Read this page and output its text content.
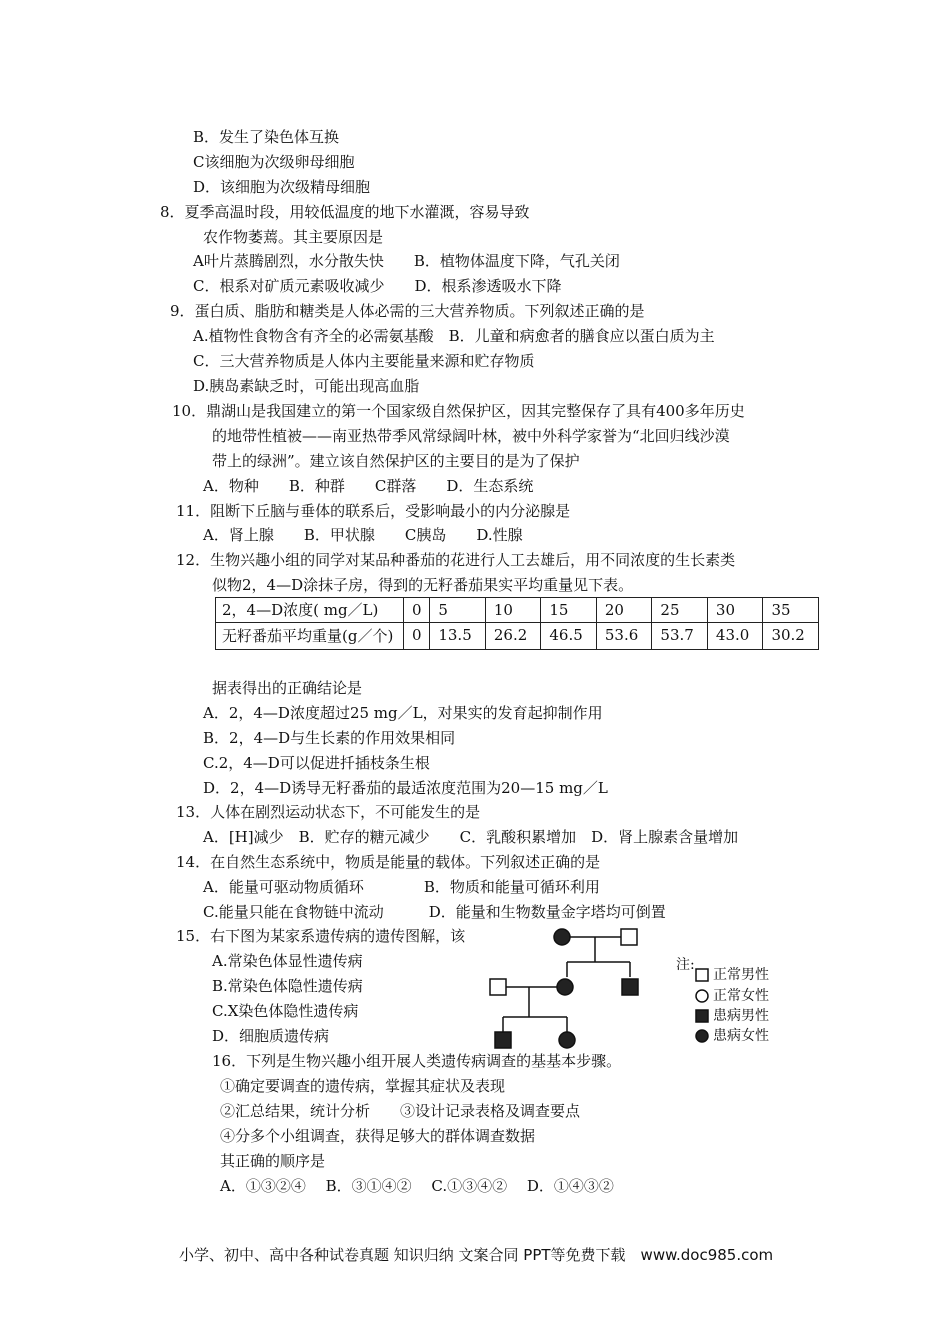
B．发生了染色体互换
C该细胞为次级卵母细胞
D．该细胞为次级精母细胞
8．夏季高温时段，用较低温度的地下水灌溉，容易导致
农作物萎蔫。其主要原因是
A叶片蒸腾剧烈，水分散失快　　B．植物体温度下降，气孔关闭
C．根系对矿质元素吸收减少　　D．根系渗透吸水下降
9．蛋白质、脂肪和糖类是人体必需的三大营养物质。下列叙述正确的是
A.植物性食物含有齐全的必需氨基酸　B．儿童和病愈者的膳食应以蛋白质为主
C．三大营养物质是人体内主要能量来源和贮存物质
D.胰岛素缺乏时，可能出现高血脂
10．鼎湖山是我国建立的第一个国家级自然保护区，因其完整保存了具有400多年历史
的地带性植被——南亚热带季风常绿阔叶林，被中外科学家誉为“北回归线沙漠
带上的绿洲”。建立该自然保护区的主要目的是为了保护
A．物种　　B．种群　　C群落　　D．生态系统
11．阻断下丘脑与垂体的联系后，受影响最小的内分泌腺是
A．肾上腺　　B．甲状腺　　C胰岛　　D.性腺
12．生物兴趣小组的同学对某品种番茄的花进行人工去雄后，用不同浓度的生长素类
似物2，4—D涂抹子房，得到的无籽番茄果实平均重量见下表。
2，4—D浓度( mg／L)	0	5	10	15	20	25	30	35
无籽番茄平均重量(g／个)	0	13.5	26.2	46.5	53.6	53.7	43.0	30.2
据表得出的正确结论是
A．2，4—D浓度超过25 mg／L，对果实的发育起抑制作用
B．2，4—D与生长素的作用效果相同
C.2，4—D可以促进扦插枝条生根
D．2，4—D诱导无籽番茄的最适浓度范围为20—15 mg／L
13．人体在剧烈运动状态下，不可能发生的是
A．[H]减少　B．贮存的糖元减少　　C．乳酸积累增加　D．肾上腺素含量增加
14．在自然生态系统中，物质是能量的载体。下列叙述正确的是
A．能量可驱动物质循环　　　　B．物质和能量可循环利用
C.能量只能在食物链中流动　　　D．能量和生物数量金字塔均可倒置
15．右下图为某家系遗传病的遗传图解，该
A.常染色体显性遗传病
B.常染色体隐性遗传病
C.X染色体隐性遗传病
D．细胞质遗传病
16．下列是生物兴趣小组开展人类遗传病调查的基基本步骤。
①确定要调查的遗传病，掌握其症状及表现
②汇总结果，统计分析　　③设计记录表格及调查要点
④分多个小组调查，获得足够大的群体调查数据
其正确的顺序是
A．①③②④　 B．③①④②　 C.①③④②　 D．①④③②
注:
正常男性
正常女性
患病男性
患病女性
小学、初中、高中各种试卷真题 知识归纳 文案合同 PPT等免费下载　www.doc985.com
